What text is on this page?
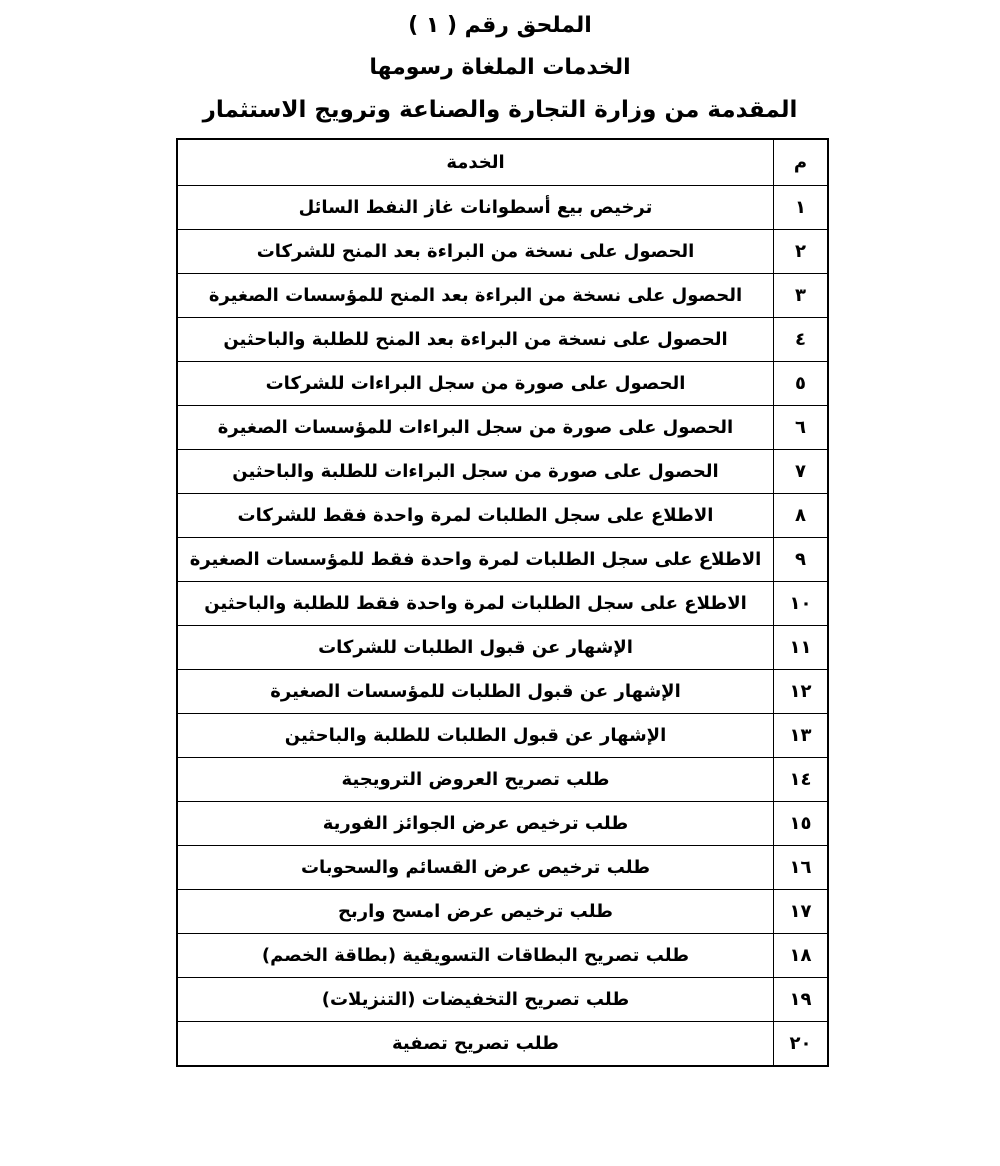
الملحق رقم ( ١ )

الخدمات الملغاة رسومها

المقدمة من وزارة التجارة والصناعة وترويج الاستثمار

م	الخدمة
١	ترخيص بيع أسطوانات غاز النفط السائل
٢	الحصول على نسخة من البراءة بعد المنح للشركات
٣	الحصول على نسخة من البراءة بعد المنح للمؤسسات الصغيرة
٤	الحصول على نسخة من البراءة بعد المنح للطلبة والباحثين
٥	الحصول على صورة من سجل البراءات للشركات
٦	الحصول على صورة من سجل البراءات للمؤسسات الصغيرة
٧	الحصول على صورة من سجل البراءات للطلبة والباحثين
٨	الاطلاع على سجل الطلبات لمرة واحدة فقط للشركات
٩	الاطلاع على سجل الطلبات لمرة واحدة فقط للمؤسسات الصغيرة
١٠	الاطلاع على سجل الطلبات لمرة واحدة فقط للطلبة والباحثين
١١	الإشهار عن قبول الطلبات للشركات
١٢	الإشهار عن قبول الطلبات للمؤسسات الصغيرة
١٣	الإشهار عن قبول الطلبات للطلبة والباحثين
١٤	طلب تصريح العروض الترويجية
١٥	طلب ترخيص عرض الجوائز الفورية
١٦	طلب ترخيص عرض القسائم والسحوبات
١٧	طلب ترخيص عرض امسح واربح
١٨	طلب تصريح البطاقات التسويقية (بطاقة الخصم)
١٩	طلب تصريح التخفيضات (التنزيلات)
٢٠	طلب تصريح تصفية
